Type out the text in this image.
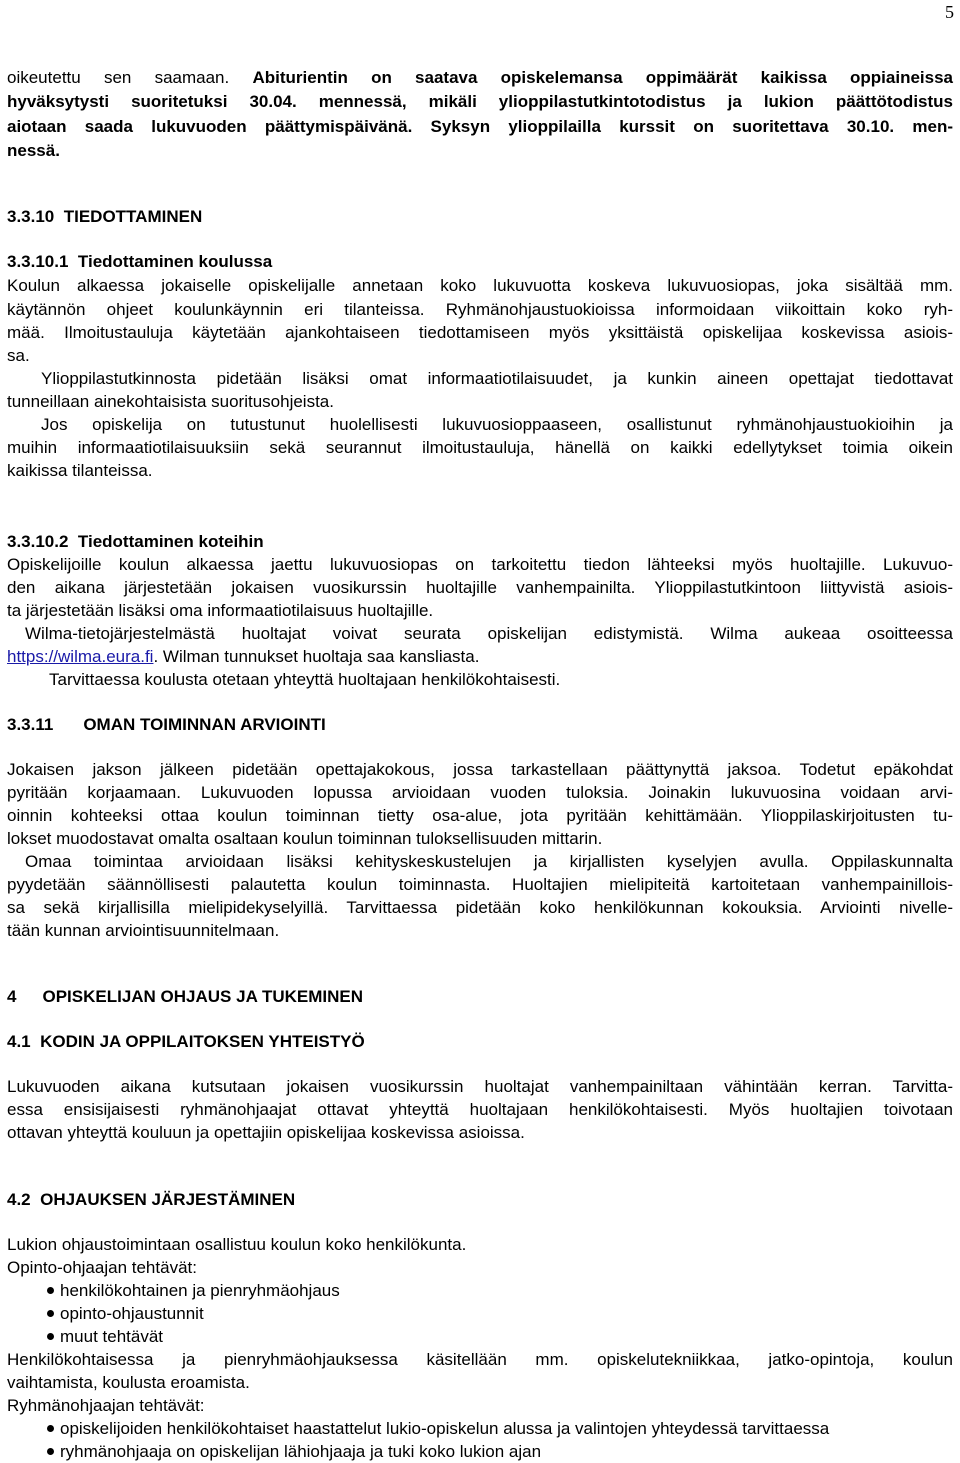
5
oikeutettu sen saamaan. Abiturientin on saatava opiskelemansa oppimäärät kaikissa oppiaineissa
hyväksytysti suoritetuksi 30.04. mennessä, mikäli ylioppilastutkintotodistus ja lukion päättötodistus
aiotaan saada lukuvuoden päättymispäivänä. Syksyn ylioppilailla kurssit on suoritettava 30.10. men-
nessä.
3.3.10 TIEDOTTAMINEN
3.3.10.1 Tiedottaminen koulussa
Koulun alkaessa jokaiselle opiskelijalle annetaan koko lukuvuotta koskeva lukuvuosiopas, joka sisältää mm.
käytännön ohjeet koulunkäynnin eri tilanteissa. Ryhmänohjaustuokioissa informoidaan viikoittain koko ryh-
mää. Ilmoitustauluja käytetään ajankohtaiseen tiedottamiseen myös yksittäistä opiskelijaa koskevissa asiois-
sa.
Ylioppilastutkinnosta pidetään lisäksi omat informaatiotilaisuudet, ja kunkin aineen opettajat tiedottavat
tunneillaan ainekohtaisista suoritusohjeista.
Jos opiskelija on tutustunut huolellisesti lukuvuosioppaaseen, osallistunut ryhmänohjaustuokioihin ja
muihin informaatiotilaisuuksiin sekä seurannut ilmoitustauluja, hänellä on kaikki edellytykset toimia oikein
kaikissa tilanteissa.
3.3.10.2 Tiedottaminen koteihin
Opiskelijoille koulun alkaessa jaettu lukuvuosiopas on tarkoitettu tiedon lähteeksi myös huoltajille. Lukuvuo-
den aikana järjestetään jokaisen vuosikurssin huoltajille vanhempainilta. Ylioppilastutkintoon liittyvistä asiois-
ta järjestetään lisäksi oma informaatiotilaisuus huoltajille.
Wilma-tietojärjestelmästä huoltajat voivat seurata opiskelijan edistymistä. Wilma aukeaa osoitteessa
https://wilma.eura.fi. Wilman tunnukset huoltaja saa kansliasta.
Tarvittaessa koulusta otetaan yhteyttä huoltajaan henkilökohtaisesti.
3.3.11 OMAN TOIMINNAN ARVIOINTI
Jokaisen jakson jälkeen pidetään opettajakokous, jossa tarkastellaan päättynyttä jaksoa. Todetut epäkohdat
pyritään korjaamaan. Lukuvuoden lopussa arvioidaan vuoden tuloksia. Joinakin lukuvuosina voidaan arvi-
oinnin kohteeksi ottaa koulun toiminnan tietty osa-alue, jota pyritään kehittämään. Ylioppilaskirjoitusten tu-
lokset muodostavat omalta osaltaan koulun toiminnan tuloksellisuuden mittarin.
Omaa toimintaa arvioidaan lisäksi kehityskeskustelujen ja kirjallisten kyselyjen avulla. Oppilaskunnalta
pyydetään säännöllisesti palautetta koulun toiminnasta. Huoltajien mielipiteitä kartoitetaan vanhempainillois-
sa sekä kirjallisilla mielipidekyselyillä. Tarvittaessa pidetään koko henkilökunnan kokouksia. Arviointi nivelle-
tään kunnan arviointisuunnitelmaan.
4 OPISKELIJAN OHJAUS JA TUKEMINEN
4.1 KODIN JA OPPILAITOKSEN YHTEISTYÖ
Lukuvuoden aikana kutsutaan jokaisen vuosikurssin huoltajat vanhempainiltaan vähintään kerran. Tarvitta-
essa ensisijaisesti ryhmänohjaajat ottavat yhteyttä huoltajaan henkilökohtaisesti. Myös huoltajien toivotaan
ottavan yhteyttä kouluun ja opettajiin opiskelijaa koskevissa asioissa.
4.2 OHJAUKSEN JÄRJESTÄMINEN
Lukion ohjaustoimintaan osallistuu koulun koko henkilökunta.
Opinto-ohjaajan tehtävät:
henkilökohtainen ja pienryhmäohjaus
opinto-ohjaustunnit
muut tehtävät
Henkilökohtaisessa ja pienryhmäohjauksessa käsitellään mm. opiskelutekniikkaa, jatko-opintoja, koulun
vaihtamista, koulusta eroamista.
Ryhmänohjaajan tehtävät:
opiskelijoiden henkilökohtaiset haastattelut lukio-opiskelun alussa ja valintojen yhteydessä tarvittaessa
ryhmänohjaaja on opiskelijan lähiohjaaja ja tuki koko lukion ajan
